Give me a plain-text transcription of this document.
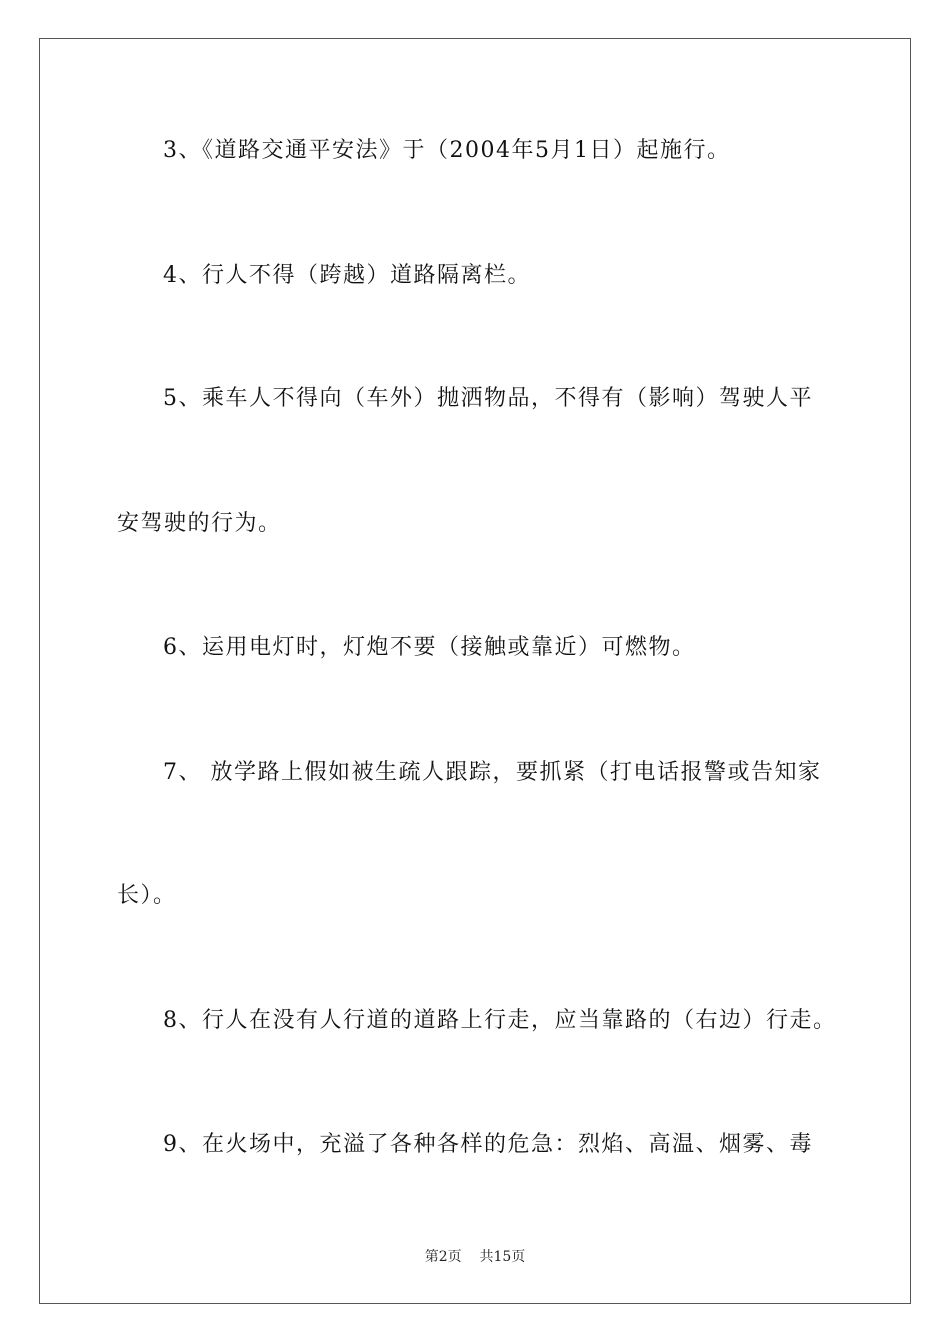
3、《道路交通平安法》于（2004年5月1日）起施行。
4、行人不得（跨越）道路隔离栏。
5、乘车人不得向（车外）抛洒物品，不得有（影响）驾驶人平
安驾驶的行为。
6、运用电灯时，灯炮不要（接触或靠近）可燃物。
7、 放学路上假如被生疏人跟踪，要抓紧（打电话报警或告知家
长）。
8、行人在没有人行道的道路上行走，应当靠路的（右边）行走。
9、在火场中，充溢了各种各样的危急：烈焰、高温、烟雾、毒
第2页 共15页
